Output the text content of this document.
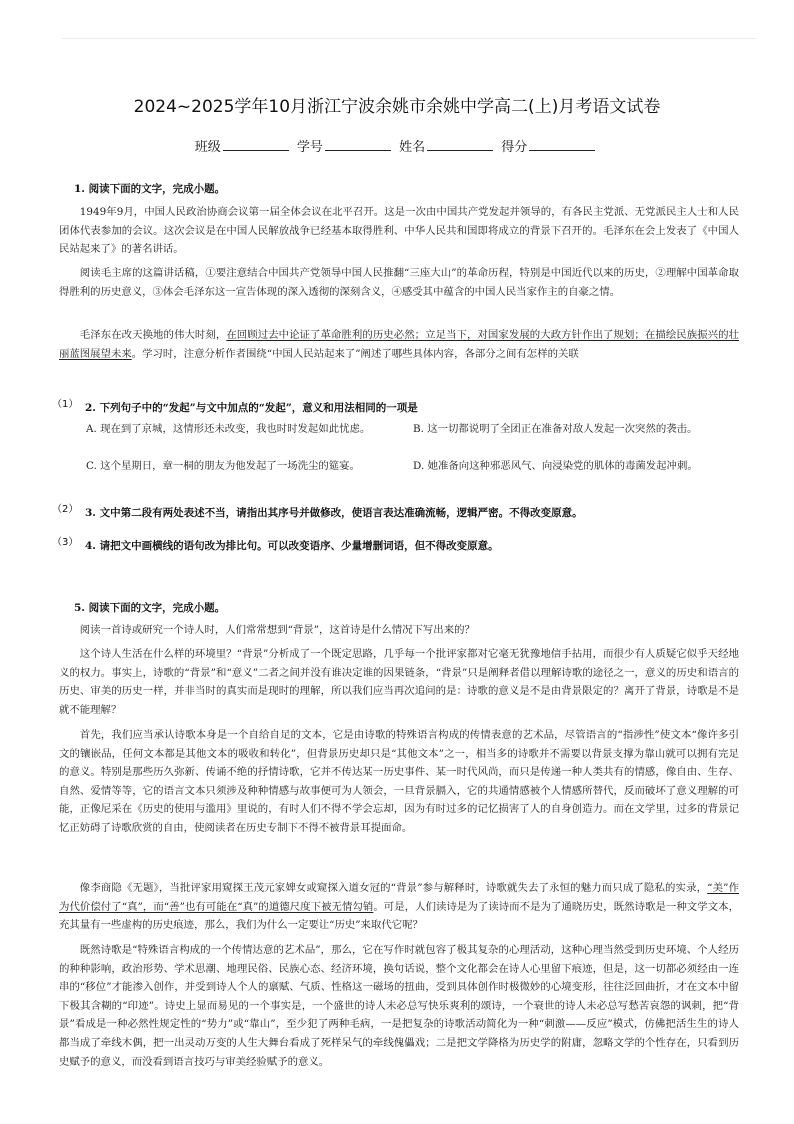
2024~2025学年10月浙江宁波余姚市余姚中学高二(上)月考语文试卷
班级	学号	姓名	得分
1. 阅读下面的文字，完成小题。

1949年9月，中国人民政治协商会议第一届全体会议在北平召开。这是一次由中国共产党发起并领导的，有各民主党派、无党派民主人士和人民团体代表参加的会议。这次会议是在中国人民解放战争已经基本取得胜利、中华人民共和国即将成立的背景下召开的。毛泽东在会上发表了《中国人民站起来了》的著名讲话。

阅读毛主席的这篇讲话稿，①要注意结合中国共产党领导中国人民推翻“三座大山”的革命历程，特别是中国近代以来的历史，②理解中国革命取得胜利的历史意义，③体会毛泽东这一宣告体现的深入透彻的深刻含义，④感受其中蕴含的中国人民当家作主的自豪之情。

毛泽东在改天换地的伟大时刻，在回顾过去中论证了革命胜利的历史必然；立足当下，对国家发展的大政方针作出了规划；在描绘民族振兴的壮丽蓝图展望未来。学习时，注意分析作者围绕“中国人民站起来了”阐述了哪些具体内容，各部分之间有怎样的关联

（1） 2. 下列句子中的“发起”与文中加点的“发起”，意义和用法相同的一项是
A. 现在到了京城，这情形还未改变，我也时时发起如此忧虑。	B. 这一切都说明了全团正在准备对敌人发起一次突然的袭击。
C. 这个星期日，章一桐的朋友为他发起了一场洗尘的筵宴。	D. 她准备向这种邪恶风气、向浸染党的肌体的毒菌发起冲刺。
（2） 3. 文中第二段有两处表述不当，请指出其序号并做修改，使语言表达准确流畅，逻辑严密。不得改变原意。
（3） 4. 请把文中画横线的语句改为排比句。可以改变语序、少量增删词语，但不得改变原意。
5. 阅读下面的文字，完成小题。

阅读一首诗或研究一个诗人时，人们常常想到“背景”，这首诗是什么情况下写出来的？

这个诗人生活在什么样的环境里？“背景”分析成了一个既定思路，几乎每一个批评家都对它毫无犹豫地信手拈用，而很少有人质疑它似乎天经地义的权力。事实上，诗歌的“背景”和“意义”二者之间并没有谁决定谁的因果链条，“背景”只是阐释者借以理解诗歌的途径之一，意义的历史和语言的历史、审美的历史一样，并非当时的真实而是现时的理解，所以我们应当再次追问的是：诗歌的意义是不是由背景限定的？离开了背景，诗歌是不是就不能理解？

首先，我们应当承认诗歌本身是一个自给自足的文本，它是由诗歌的特殊语言构成的传情表意的艺术品，尽管语言的“指涉性”使文本“像许多引文的镶嵌品，任何文本都是其他文本的吸收和转化”，但背景历史却只是“其他文本”之一，相当多的诗歌并不需要以背景支撑为靠山就可以拥有完足的意义。特别是那些历久弥新、传诵不绝的抒情诗歌，它并不传达某一历史事件、某一时代风尚，而只是传递一种人类共有的情感，像自由、生存、自然、爱情等等，它的语言文本只须涉及种种情感与故事便可为人领会，一旦背景膈入，它的共通情感被个人情感所替代，反而破坏了意义理解的可能，正像尼采在《历史的使用与滥用》里说的，有时人们不得不学会忘却，因为有时过多的记忆损害了人的自身创造力。而在文学里，过多的背景记忆正妨碍了诗歌欣赏的自由，使阅读者在历史专制下不得不被背景耳提面命。

像李商隐《无题》，当批评家用窥探王茂元家婢女或窥探入道女冠的“背景”参与解释时，诗歌就失去了永恒的魅力而只成了隐私的实录，“美”作为代价偿付了“真”，而“善”也有可能在“真”的道德尺度下被无情勾销。可是，人们读诗是为了读诗而不是为了通晓历史，既然诗歌是一种文学文本，充其量有一些虚构的历史痕迹，那么，我们为什么一定要让“历史”来取代它呢？

既然诗歌是“特殊语言构成的一个传情达意的艺术品”，那么，它在写作时就包容了极其复杂的心理活动，这种心理当然受到历史环境、个人经历的种种影响，政治形势、学术思潮、地理民俗、民族心态、经济环境，换句话说，整个文化都会在诗人心里留下痕迹，但是，这一切都必须经由一连串的“移位”才能渗入创作，并受到诗人个人的禀赋、气质、性格这一磁场的扭曲，受到具体创作时极微妙的心境变形，往往泛回曲折，才在文本中留下极其含糊的“印迹”。诗史上显而易见的一个事实是，一个盛世的诗人未必总写快乐爽利的颂诗，一个衰世的诗人未必总写愁苦哀怨的讽刺，把“背景”看成是一种必然性规定性的“势力”或“靠山”，至少犯了两种毛病，一是把复杂的诗歌活动简化为一种“刺激——反应”模式，仿佛把活生生的诗人都当成了牵线木偶，把一出灵动万变的人生大舞台看成了死样呆气的牵线傀儡戏；二是把文学降格为历史学的附庸，忽略文学的个性存在，只看到历史赋予的意义，而没看到语言技巧与审美经验赋予的意义。
